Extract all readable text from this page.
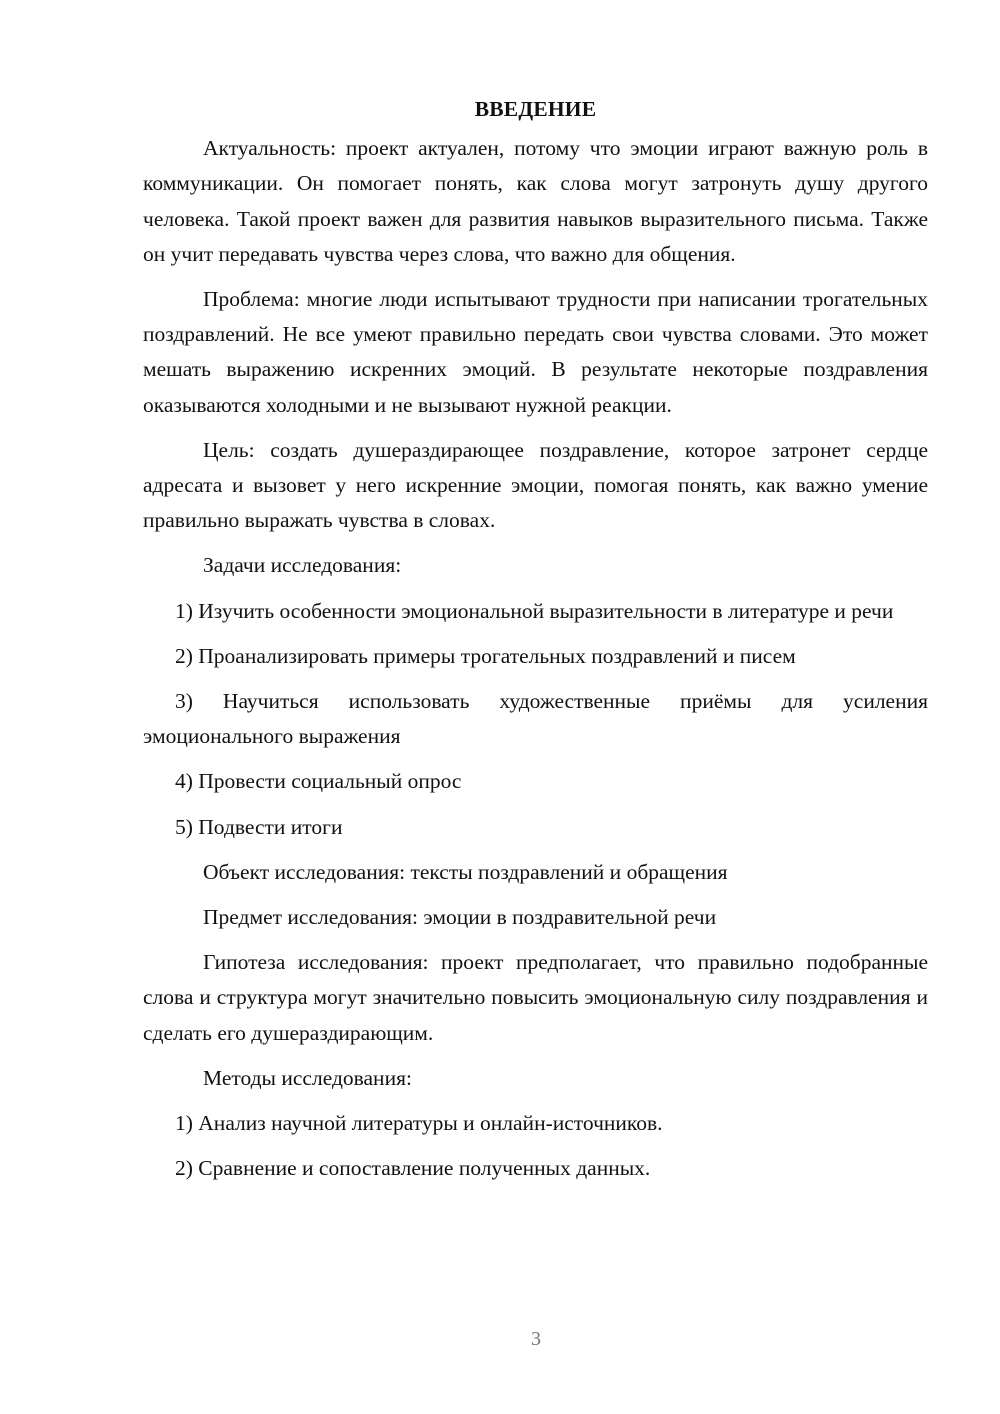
ВВЕДЕНИЕ

Актуальность: проект актуален, потому что эмоции играют важную роль в коммуникации. Он помогает понять, как слова могут затронуть душу другого человека. Такой проект важен для развития навыков выразительного письма. Также он учит передавать чувства через слова, что важно для общения.

Проблема: многие люди испытывают трудности при написании трогательных поздравлений. Не все умеют правильно передать свои чувства словами. Это может мешать выражению искренних эмоций. В результате некоторые поздравления оказываются холодными и не вызывают нужной реакции.

Цель: создать душераздирающее поздравление, которое затронет сердце адресата и вызовет у него искренние эмоции, помогая понять, как важно умение правильно выражать чувства в словах.

Задачи исследования:

1) Изучить особенности эмоциональной выразительности в литературе и речи

2) Проанализировать примеры трогательных поздравлений и писем

3) Научиться использовать художественные приёмы для усиления эмоционального выражения

4) Провести социальный опрос

5) Подвести итоги

Объект исследования: тексты поздравлений и обращения

Предмет исследования: эмоции в поздравительной речи

Гипотеза исследования: проект предполагает, что правильно подобранные слова и структура могут значительно повысить эмоциональную силу поздравления и сделать его душераздирающим.

Методы исследования:

1) Анализ научной литературы и онлайн-источников.

2) Сравнение и сопоставление полученных данных.

3
